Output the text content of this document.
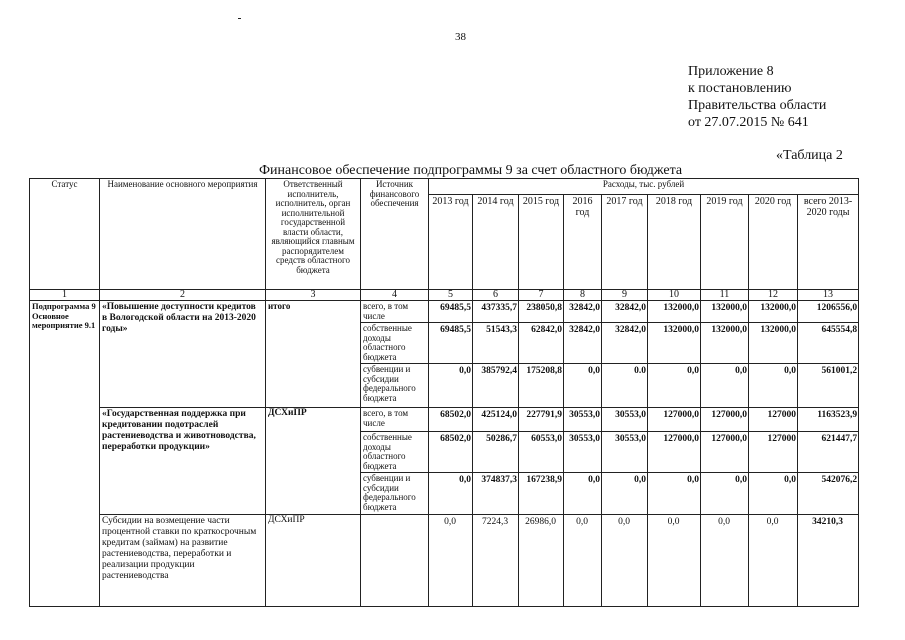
38
Приложение 8
к постановлению
Правительства области
от 27.07.2015 № 641
«Таблица 2
Финансовое обеспечение подпрограммы 9 за счет областного бюджета
Статус	Наименование основного мероприятия	Ответственный исполнитель, исполнитель, орган исполнительной государственной власти области, являющийся главным распорядителем средств областного бюджета	Источник финансового обеспечения	Расходы, тыс. рублей								
				2013 год	2014 год	2015 год	2016 год	2017 год	2018 год	2019 год	2020 год	всего 2013-2020 годы
1	2	3	4	5	6	7	8	9	10	11	12	13
Подпрограмма 9 Основное мероприятие 9.1	«Повышение доступности кредитов в Вологодской области на 2013-2020 годы»	итого	всего, в том числе	69485,5	437335,7	238050,8	32842,0	32842,0	132000,0	132000,0	132000,0	1206556,0
			собственные доходы областного бюджета	69485,5	51543,3	62842,0	32842,0	32842,0	132000,0	132000,0	132000,0	645554,8
			субвенции и субсидии федерального бюджета	0,0	385792,4	175208,8	0,0	0.0	0,0	0,0	0,0	561001,2
	«Государственная поддержка при кредитовании подотраслей растениеводства и животноводства, переработки продукции»	ДСХиПР	всего, в том числе	68502,0	425124,0	227791,9	30553,0	30553,0	127000,0	127000,0	127000	1163523,9
			собственные доходы областного бюджета	68502,0	50286,7	60553,0	30553,0	30553,0	127000,0	127000,0	127000	621447,7
			субвенции и субсидии федерального бюджета	0,0	374837,3	167238,9	0,0	0,0	0,0	0,0	0,0	542076,2
	Субсидии на возмещение части процентной ставки по краткосрочным кредитам (займам) на развитие растениеводства, переработки и реализации продукции растениеводства	ДСХиПР		0,0	7224,3	26986,0	0,0	0,0	0,0	0,0	0,0	34210,3
